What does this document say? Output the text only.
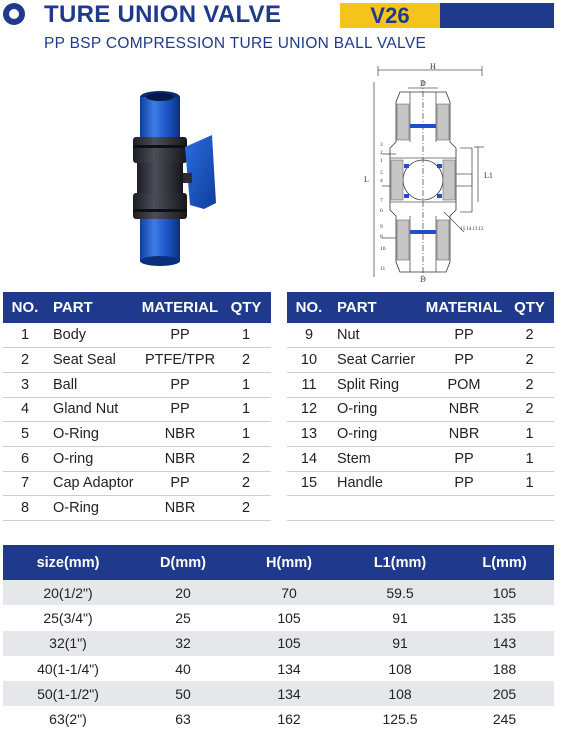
TURE UNION VALVE	V26
PP BSP COMPRESSION TURE UNION BALL VALVE
H
D
D
L	L1
3
2
1
5
4
7
6
9
8
10
11
15 14 13 12
NO.	PART	MATERIAL	QTY
1	Body	PP	1
2	Seat Seal	PTFE/TPR	2
3	Ball	PP	1
4	Gland Nut	PP	1
5	O-Ring	NBR	1
6	O-ring	NBR	2
7	Cap Adaptor	PP	2
8	O-Ring	NBR	2
NO.	PART	MATERIAL	QTY
9	Nut	PP	2
10	Seat Carrier	PP	2
11	Split Ring	POM	2
12	O-ring	NBR	2
13	O-ring	NBR	1
14	Stem	PP	1
15	Handle	PP	1

size(mm)	D(mm)	H(mm)	L1(mm)	L(mm)
20(1/2")	20	70	59.5	105
25(3/4")	25	105	91	135
32(1")	32	105	91	143
40(1-1/4")	40	134	108	188
50(1-1/2")	50	134	108	205
63(2")	63	162	125.5	245
